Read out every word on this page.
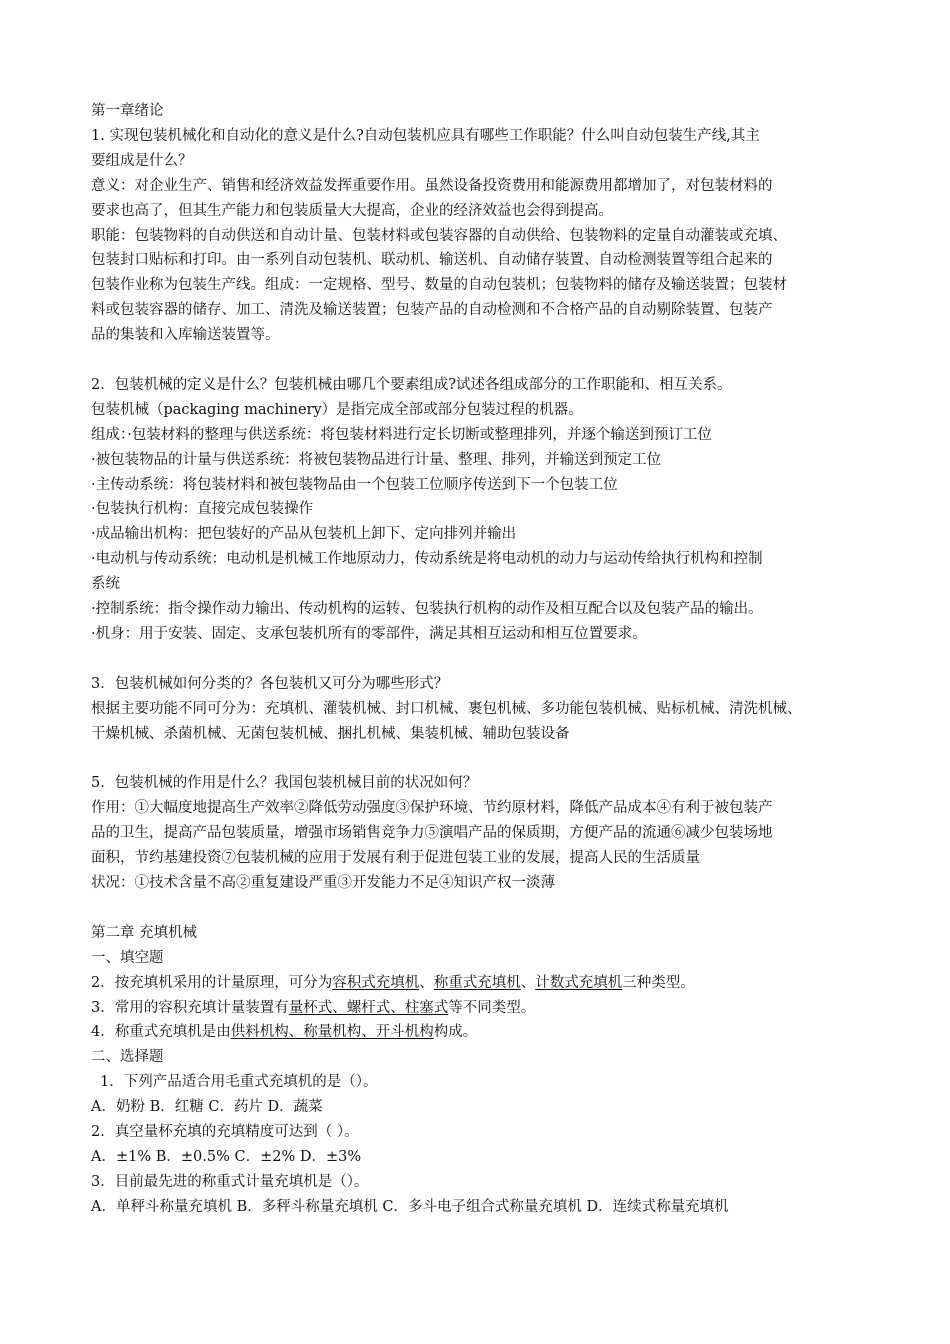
第一章绪论
1. 实现包装机械化和自动化的意义是什么?自动包装机应具有哪些工作职能？什么叫自动包装生产线,其主
要组成是什么？
意义：对企业生产、销售和经济效益发挥重要作用。虽然设备投资费用和能源费用都增加了，对包装材料的
要求也高了，但其生产能力和包装质量大大提高，企业的经济效益也会得到提高。
职能：包装物料的自动供送和自动计量、包装材料或包装容器的自动供给、包装物料的定量自动灌装或充填、
包装封口贴标和打印。由一系列自动包装机、联动机、输送机、自动储存装置、自动检测装置等组合起来的
包装作业称为包装生产线。组成：一定规格、型号、数量的自动包装机；包装物料的储存及输送装置；包装材
料或包装容器的储存、加工、清洗及输送装置；包装产品的自动检测和不合格产品的自动剔除装置、包装产
品的集装和入库输送装置等。
2．包装机械的定义是什么？包装机械由哪几个要素组成?试述各组成部分的工作职能和、相互关系。
包装机械（packaging machinery）是指完成全部或部分包装过程的机器。
组成：·包装材料的整理与供送系统：将包装材料进行定长切断或整理排列，并逐个输送到预订工位
·被包装物品的计量与供送系统：将被包装物品进行计量、整理、排列，并输送到预定工位
·主传动系统：将包装材料和被包装物品由一个包装工位顺序传送到下一个包装工位
·包装执行机构：直接完成包装操作
·成品输出机构：把包装好的产品从包装机上卸下、定向排列并输出
·电动机与传动系统：电动机是机械工作地原动力，传动系统是将电动机的动力与运动传给执行机构和控制
系统
·控制系统：指令操作动力输出、传动机构的运转、包装执行机构的动作及相互配合以及包装产品的输出。
·机身：用于安装、固定、支承包装机所有的零部件，满足其相互运动和相互位置要求。
3．包装机械如何分类的？各包装机又可分为哪些形式？
根据主要功能不同可分为：充填机、灌装机械、封口机械、裹包机械、多功能包装机械、贴标机械、清洗机械、
干燥机械、杀菌机械、无菌包装机械、捆扎机械、集装机械、辅助包装设备
5．包装机械的作用是什么？我国包装机械目前的状况如何？
作用：①大幅度地提高生产效率②降低劳动强度③保护环境、节约原材料，降低产品成本④有利于被包装产
品的卫生，提高产品包装质量，增强市场销售竞争力⑤演唱产品的保质期，方便产品的流通⑥减少包装场地
面积，节约基建投资⑦包装机械的应用于发展有利于促进包装工业的发展，提高人民的生活质量
状况：①技术含量不高②重复建设严重③开发能力不足④知识产权一淡薄
第二章 充填机械
一、填空题
2．按充填机采用的计量原理，可分为容积式充填机、称重式充填机、计数式充填机三种类型。
3．常用的容积充填计量装置有量杯式、螺杆式、柱塞式等不同类型。
4．称重式充填机是由供料机构、称量机构、开斗机构构成。
二、选择题
1．下列产品适合用毛重式充填机的是（）。
A．奶粉 B．红糖 C．药片 D．蔬菜
2．真空量杯充填的充填精度可达到（ ）。
A．±1% B．±0.5% C．±2% D．±3%
3．目前最先进的称重式计量充填机是（）。
A．单秤斗称量充填机 B．多秤斗称量充填机 C．多斗电子组合式称量充填机 D．连续式称量充填机
